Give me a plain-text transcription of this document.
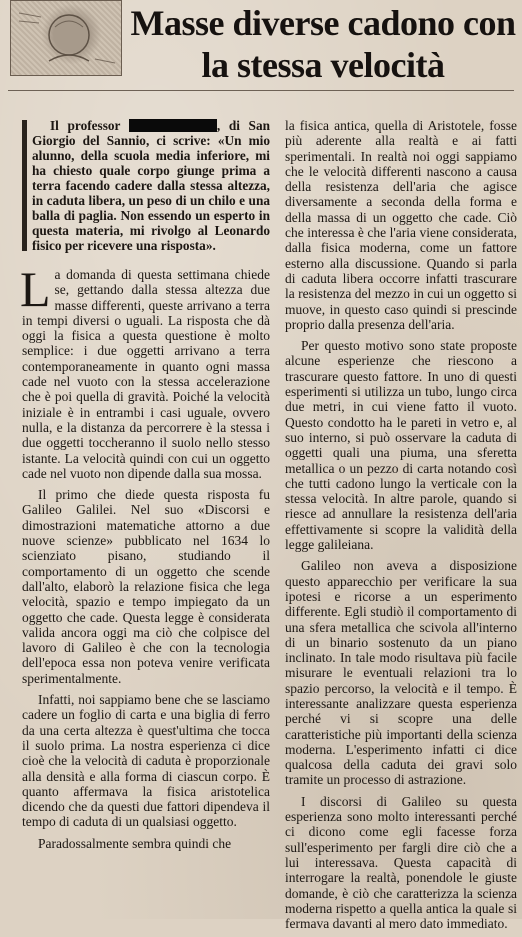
Masse diverse cadono con la stessa velocità

Il professor	, di San Giorgio del Sannio, ci scrive: «Un mio alunno, della scuola media inferiore, mi ha chiesto quale corpo giunge prima a terra facendo cadere dalla stessa altezza, in caduta libera, un peso di un chilo e una balla di paglia. Non essendo un esperto in questa materia, mi rivolgo al Leonardo fisico per ricevere una risposta».

La domanda di questa settimana chiede se, gettando dalla stessa altezza due masse differenti, queste arrivano a terra in tempi diversi o uguali. La risposta che dà oggi la fisica a questa questione è molto semplice: i due oggetti arrivano a terra contemporaneamente in quanto ogni massa cade nel vuoto con la stessa accelerazione che è poi quella di gravità. Poiché la velocità iniziale è in entrambi i casi uguale, ovvero nulla, e la distanza da percorrere è la stessa i due oggetti toccheranno il suolo nello stesso istante. La velocità quindi con cui un oggetto cade nel vuoto non dipende dalla sua mossa.

Il primo che diede questa risposta fu Galileo Galilei. Nel suo «Discorsi e dimostrazioni matematiche attorno a due nuove scienze» pubblicato nel 1634 lo scienziato pisano, studiando il comportamento di un oggetto che scende dall'alto, elaborò la relazione fisica che lega velocità, spazio e tempo impiegato da un oggetto che cade. Questa legge è considerata valida ancora oggi ma ciò che colpisce del lavoro di Galileo è che con la tecnologia dell'epoca essa non poteva venire verificata sperimentalmente.

Infatti, noi sappiamo bene che se lasciamo cadere un foglio di carta e una biglia di ferro da una certa altezza è quest'ultima che tocca il suolo prima. La nostra esperienza ci dice cioè che la velocità di caduta è proporzionale alla densità e alla forma di ciascun corpo. È quanto affermava la fisica aristotelica dicendo che da questi due fattori dipendeva il tempo di caduta di un qualsiasi oggetto.

Paradossalmente sembra quindi che

la fisica antica, quella di Aristotele, fosse più aderente alla realtà e ai fatti sperimentali. In realtà noi oggi sappiamo che le velocità differenti nascono a causa della resistenza dell'aria che agisce diversamente a seconda della forma e della massa di un oggetto che cade. Ciò che interessa è che l'aria viene considerata, dalla fisica moderna, come un fattore esterno alla discussione. Quando si parla di caduta libera occorre infatti trascurare la resistenza del mezzo in cui un oggetto si muove, in questo caso quindi si prescinde proprio dalla presenza dell'aria.

Per questo motivo sono state proposte alcune esperienze che riescono a trascurare questo fattore. In uno di questi esperimenti si utilizza un tubo, lungo circa due metri, in cui viene fatto il vuoto. Questo condotto ha le pareti in vetro e, al suo interno, si può osservare la caduta di oggetti quali una piuma, una sferetta metallica o un pezzo di carta notando così che tutti cadono lungo la verticale con la stessa velocità. In altre parole, quando si riesce ad annullare la resistenza dell'aria effettivamente si scopre la validità della legge galileiana.

Galileo non aveva a disposizione questo apparecchio per verificare la sua ipotesi e ricorse a un esperimento differente. Egli studiò il comportamento di una sfera metallica che scivola all'interno di un binario sostenuto da un piano inclinato. In tale modo risultava più facile misurare le eventuali relazioni tra lo spazio percorso, la velocità e il tempo. È interessante analizzare questa esperienza perché vi si scopre una delle caratteristiche più importanti della scienza moderna. L'esperimento infatti ci dice qualcosa della caduta dei gravi solo tramite un processo di astrazione.

I discorsi di Galileo su questa esperienza sono molto interessanti perché ci dicono come egli facesse forza sull'esperimento per fargli dire ciò che a lui interessava. Questa capacità di interrogare la realtà, ponendole le giuste domande, è ciò che caratterizza la scienza moderna rispetto a quella antica la quale si fermava davanti al mero dato immediato.
